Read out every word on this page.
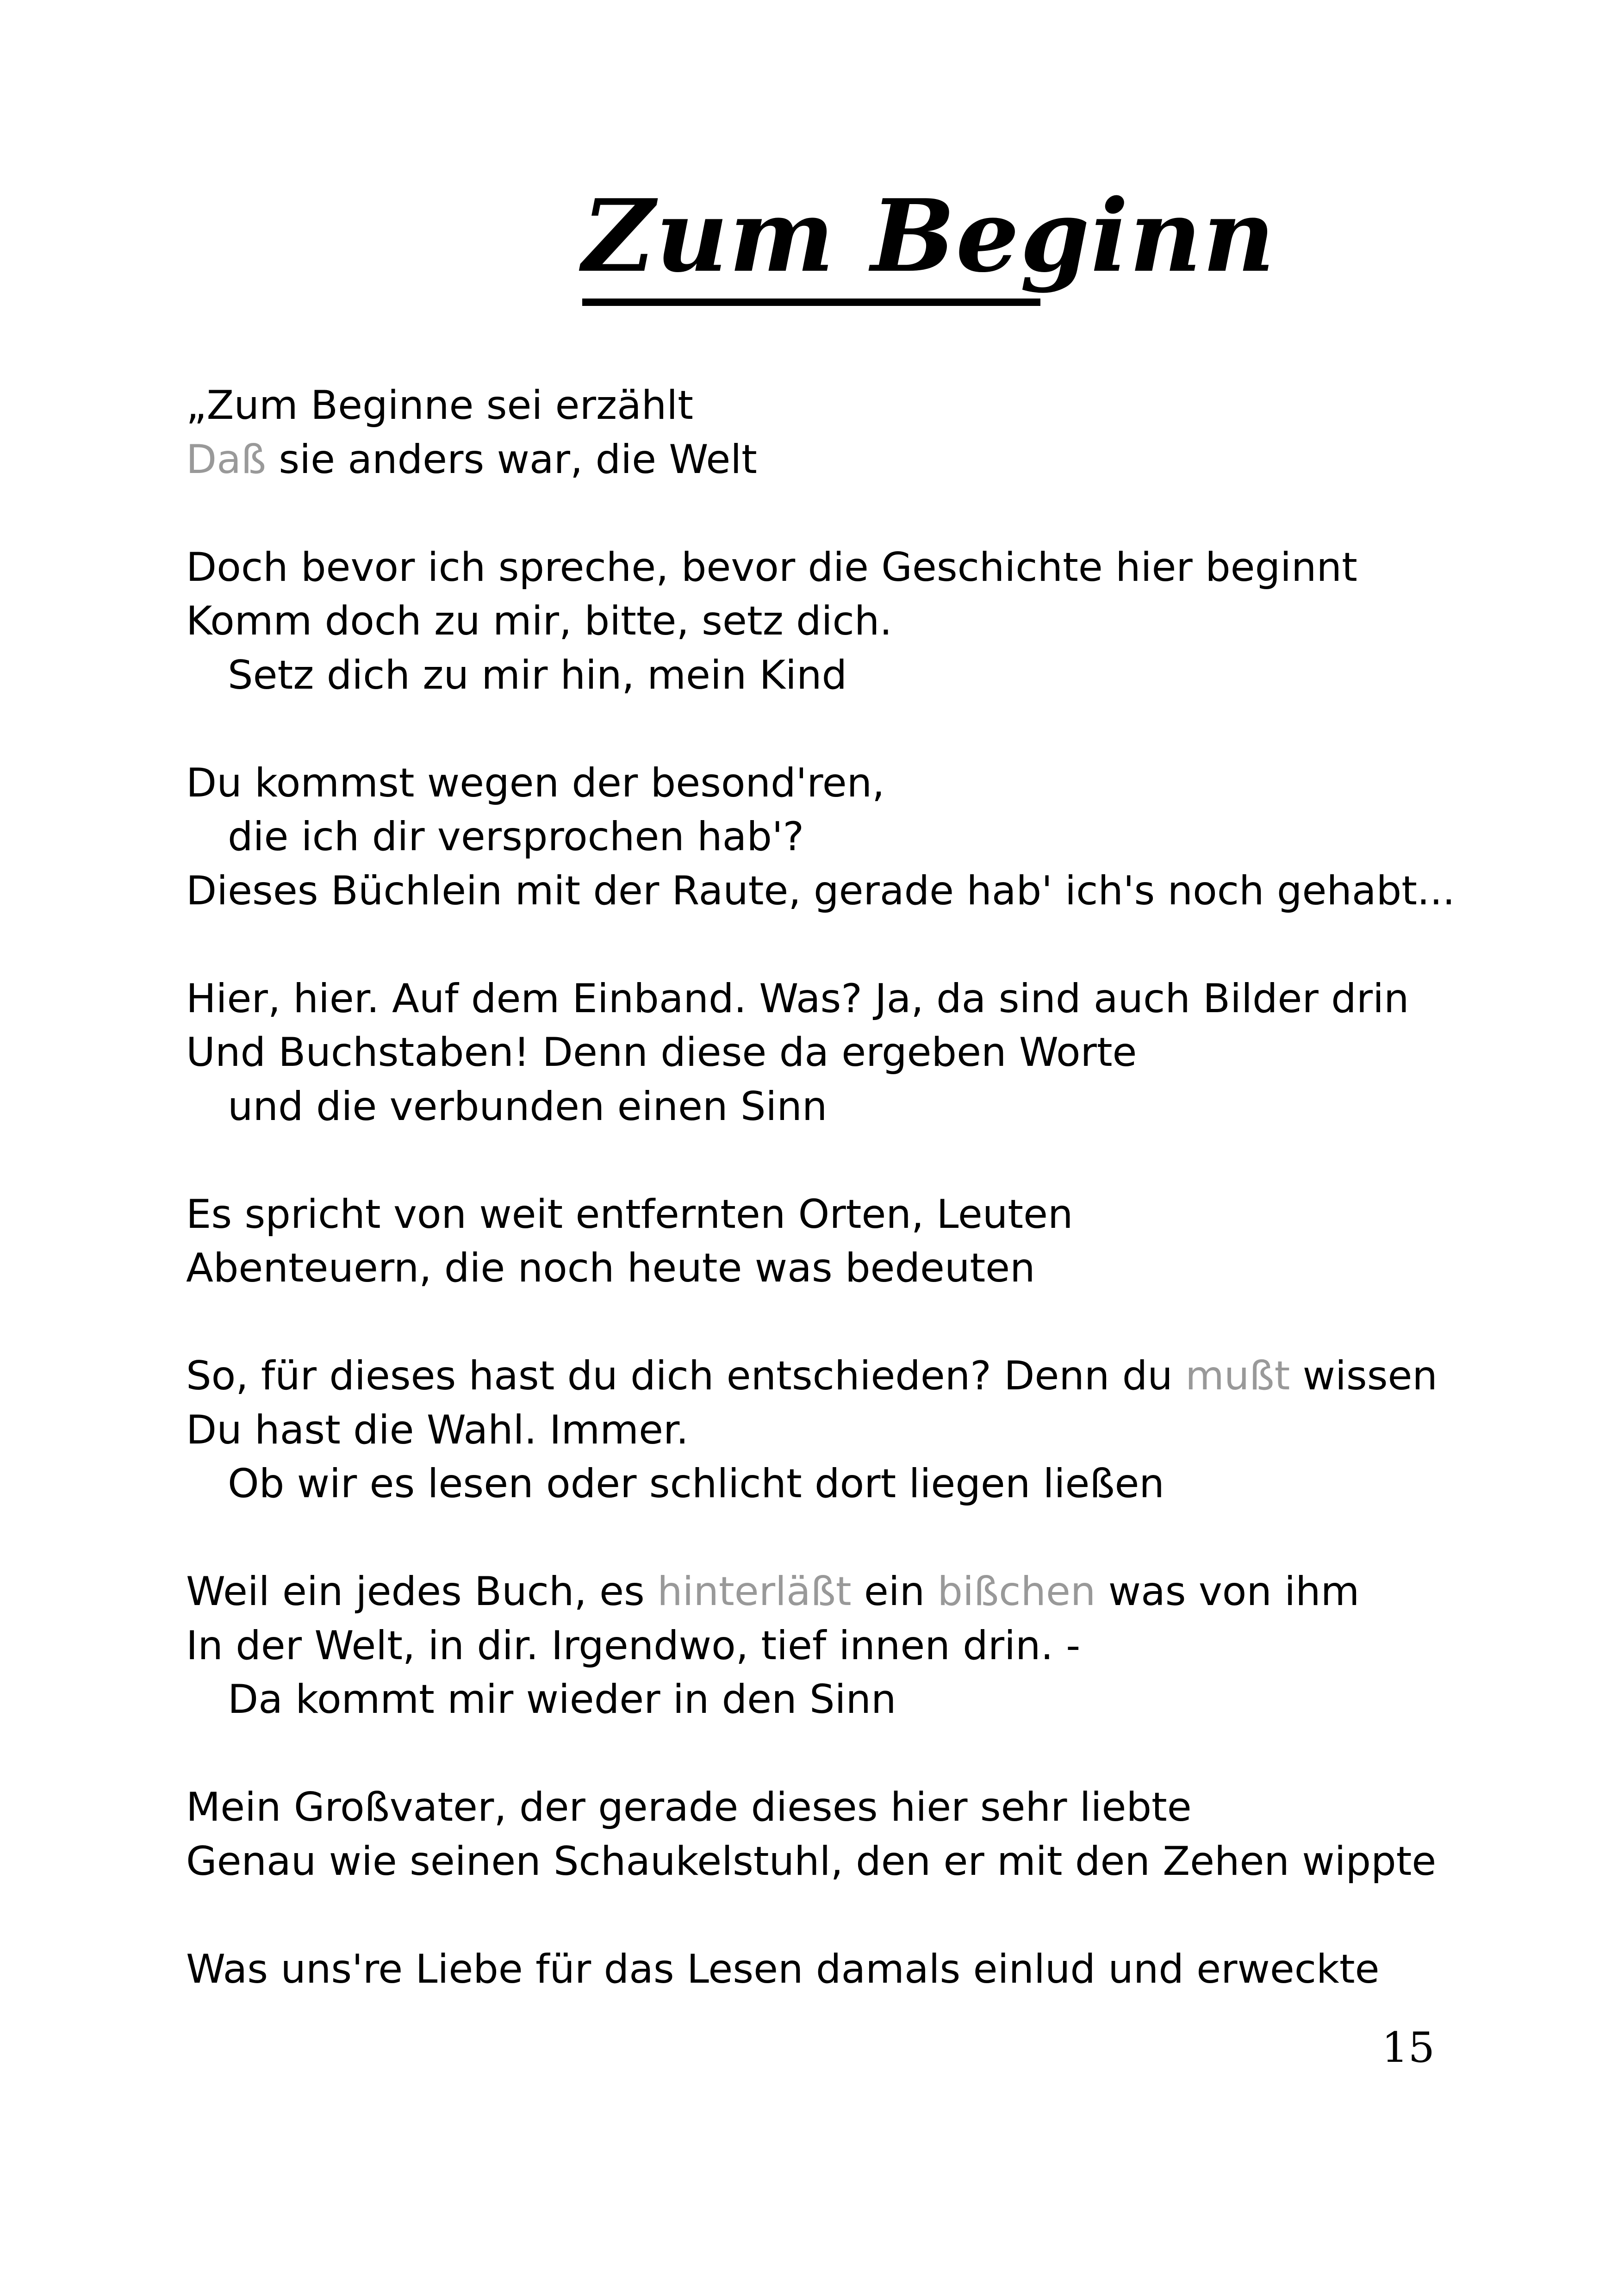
Zum Beginn
„Zum Beginne sei erzählt
Daß sie anders war, die Welt
Doch bevor ich spreche, bevor die Geschichte hier beginnt
Komm doch zu mir, bitte, setz dich.
Setz dich zu mir hin, mein Kind
Du kommst wegen der besond'ren,
die ich dir versprochen hab'?
Dieses Büchlein mit der Raute, gerade hab' ich's noch gehabt...
Hier, hier. Auf dem Einband. Was? Ja, da sind auch Bilder drin
Und Buchstaben! Denn diese da ergeben Worte
und die verbunden einen Sinn
Es spricht von weit entfernten Orten, Leuten
Abenteuern, die noch heute was bedeuten
So, für dieses hast du dich entschieden? Denn du mußt wissen
Du hast die Wahl. Immer.
Ob wir es lesen oder schlicht dort liegen ließen
Weil ein jedes Buch, es hinterläßt ein bißchen was von ihm
In der Welt, in dir. Irgendwo, tief innen drin. -
Da kommt mir wieder in den Sinn
Mein Großvater, der gerade dieses hier sehr liebte
Genau wie seinen Schaukelstuhl, den er mit den Zehen wippte
Was uns're Liebe für das Lesen damals einlud und erweckte
15
